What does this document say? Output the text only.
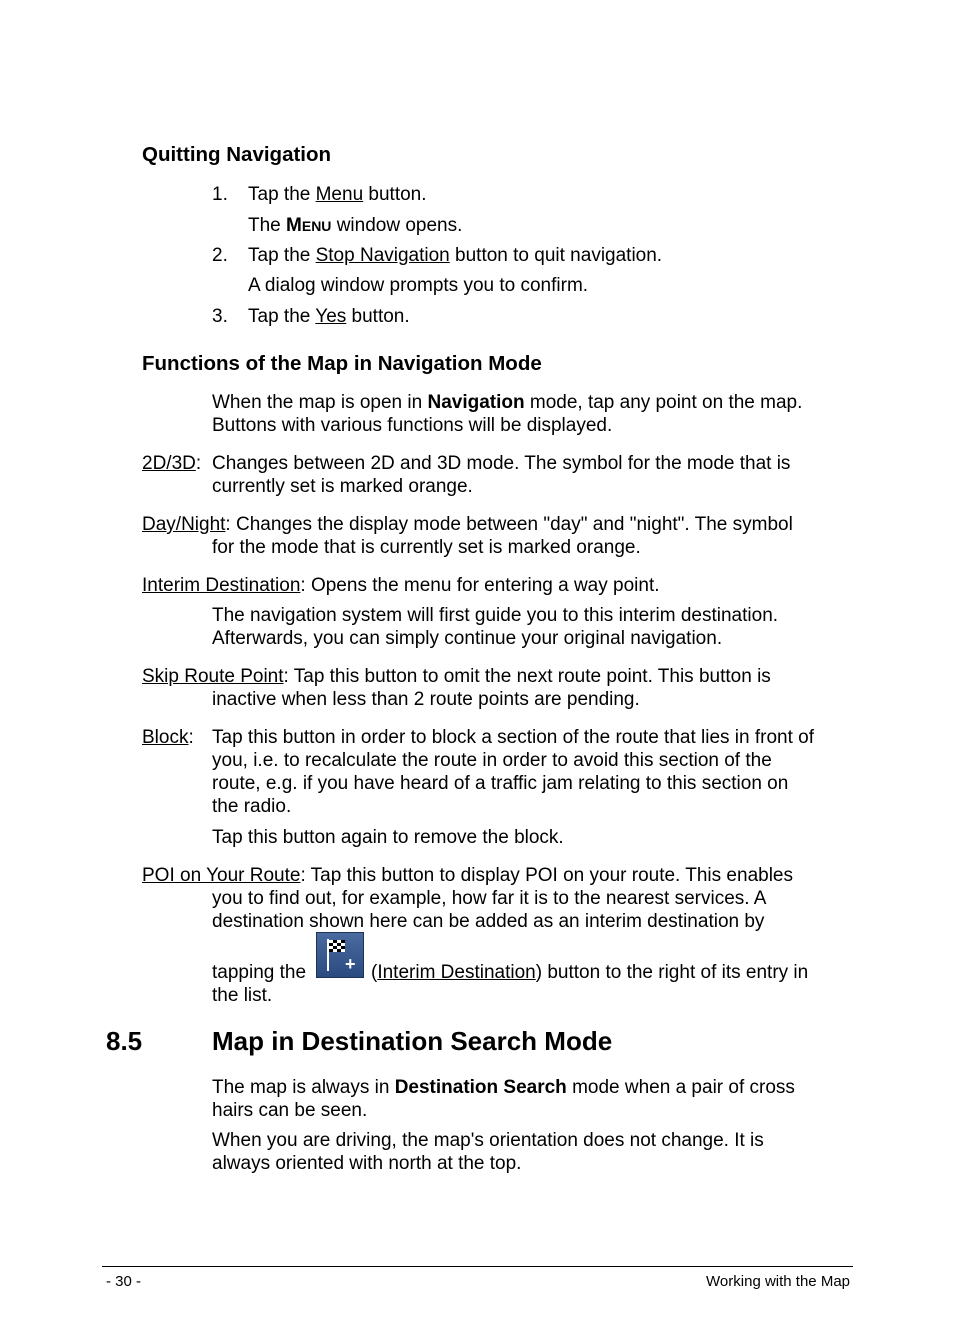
Quitting Navigation
1. Tap the Menu button.
The MENU window opens.
2. Tap the Stop Navigation button to quit navigation.
A dialog window prompts you to confirm.
3. Tap the Yes button.
Functions of the Map in Navigation Mode
When the map is open in Navigation mode, tap any point on the map.
Buttons with various functions will be displayed.
2D/3D: Changes between 2D and 3D mode. The symbol for the mode that is
currently set is marked orange.
Day/Night: Changes the display mode between "day" and "night". The symbol
for the mode that is currently set is marked orange.
Interim Destination: Opens the menu for entering a way point.
The navigation system will first guide you to this interim destination.
Afterwards, you can simply continue your original navigation.
Skip Route Point: Tap this button to omit the next route point. This button is
inactive when less than 2 route points are pending.
Block: Tap this button in order to block a section of the route that lies in front of
you, i.e. to recalculate the route in order to avoid this section of the
route, e.g. if you have heard of a traffic jam relating to this section on
the radio.
Tap this button again to remove the block.
POI on Your Route: Tap this button to display POI on your route. This enables
you to find out, for example, how far it is to the nearest services. A
destination shown here can be added as an interim destination by
tapping the + (Interim Destination) button to the right of its entry in
the list.
8.5	Map in Destination Search Mode
The map is always in Destination Search mode when a pair of cross
hairs can be seen.
When you are driving, the map's orientation does not change. It is
always oriented with north at the top.
- 30 -	Working with the Map
